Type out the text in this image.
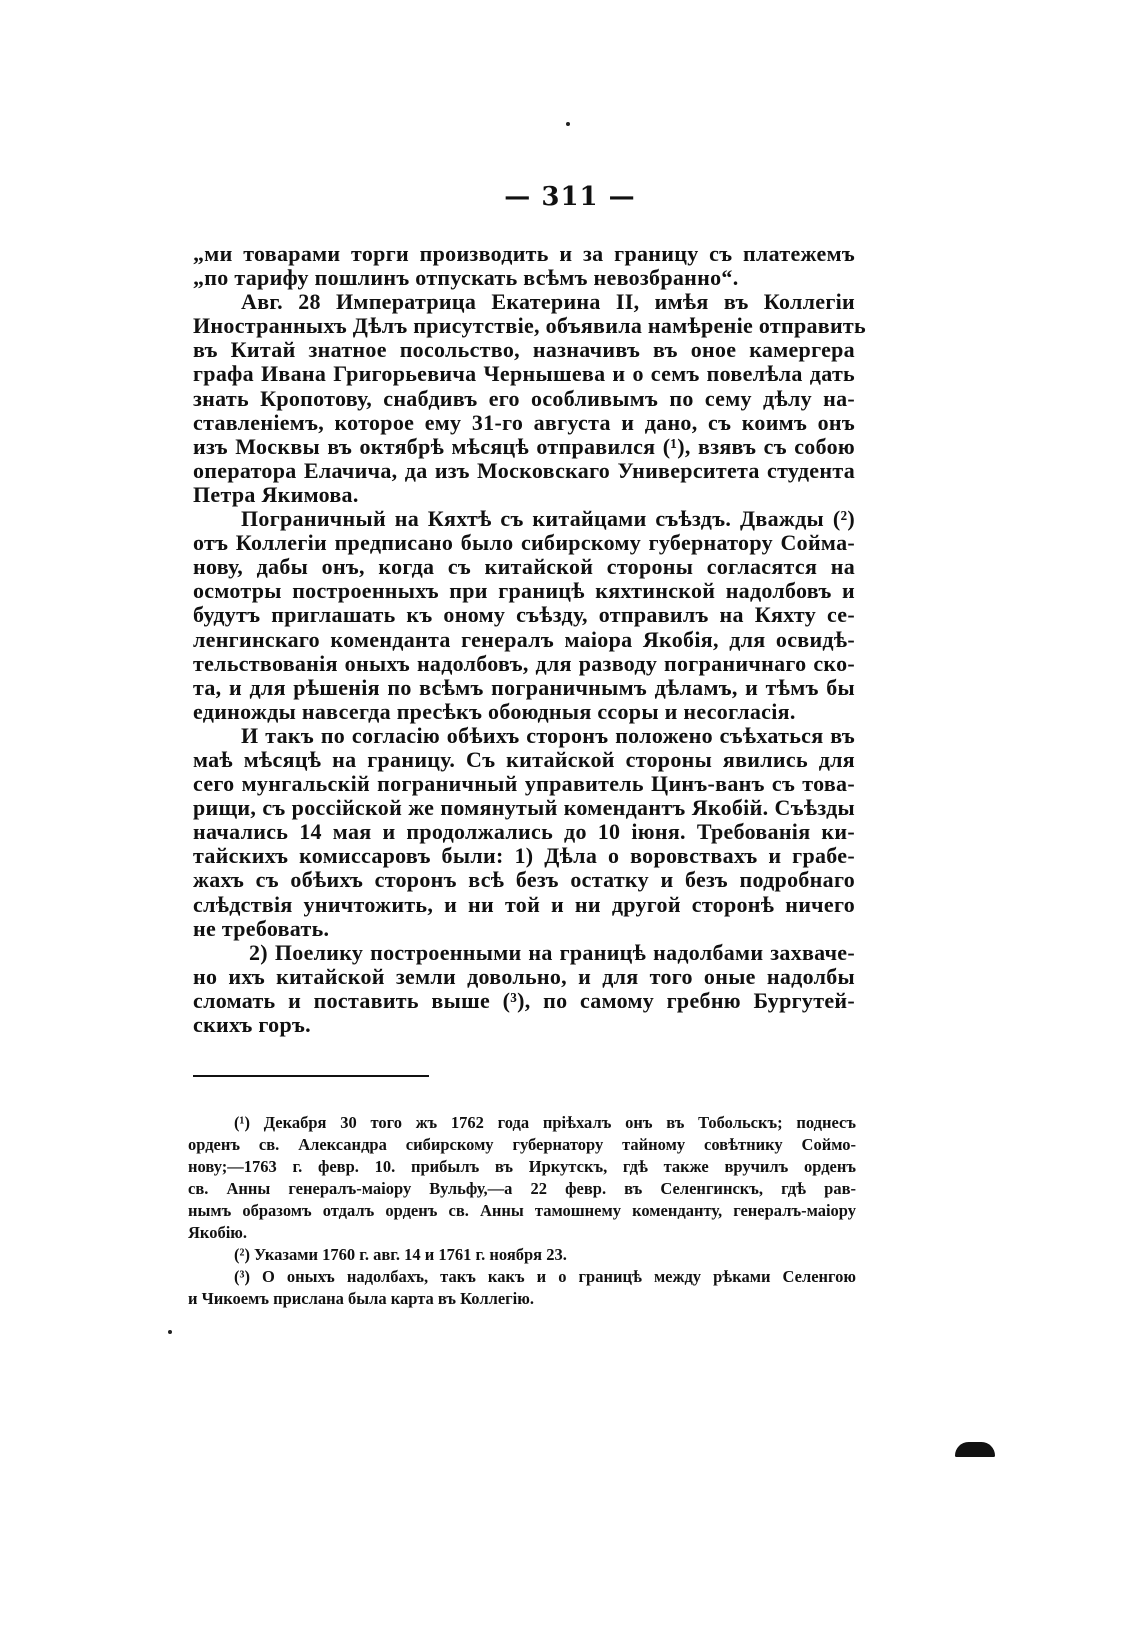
— 311 —
„ми товарами торги производить и за границу съ платежемъ
„по тарифу пошлинъ отпускать всѣмъ невозбранно“.
Авг. 28 Императрица Екатерина II, имѣя въ Коллегіи
Иностранныхъ Дѣлъ присутствіе, объявила намѣреніе отправить
въ Китай знатное посольство, назначивъ въ оное камергера
графа Ивана Григорьевича Чернышева и о семъ повелѣла дать
знать Кропотову, снабдивъ его особливымъ по сему дѣлу на-
ставленіемъ, которое ему 31-го августа и дано, съ коимъ онъ
изъ Москвы въ октябрѣ мѣсяцѣ отправился (¹), взявъ съ собою
оператора Елачича, да изъ Московскаго Университета студента
Петра Якимова.
Пограничный на Кяхтѣ съ китайцами съѣздъ. Дважды (²)
отъ Коллегіи предписано было сибирскому губернатору Сойма-
нову, дабы онъ, когда съ китайской стороны согласятся на
осмотры построенныхъ при границѣ кяхтинской надолбовъ и
будутъ приглашать къ оному съѣзду, отправилъ на Кяхту се-
ленгинскаго коменданта генералъ маіора Якобія, для освидѣ-
тельствованія оныхъ надолбовъ, для разводу пограничнаго ско-
та, и для рѣшенія по всѣмъ пограничнымъ дѣламъ, и тѣмъ бы
единожды навсегда пресѣкъ обоюдныя ссоры и несогласія.
И такъ по согласію обѣихъ сторонъ положено съѣхаться въ
маѣ мѣсяцѣ на границу. Съ китайской стороны явились для
сего мунгальскій пограничный управитель Цинъ-ванъ съ това-
рищи, съ россійской же помянутый комендантъ Якобій. Съѣзды
начались 14 мая и продолжались до 10 іюня. Требованія ки-
тайскихъ комиссаровъ были: 1) Дѣла о воровствахъ и грабе-
жахъ съ обѣихъ сторонъ всѣ безъ остатку и безъ подробнаго
слѣдствія уничтожить, и ни той и ни другой сторонѣ ничего
не требовать.
2) Поелику построенными на границѣ надолбами захваче-
но ихъ китайской земли довольно, и для того оные надолбы
сломать и поставить выше (³), по самому гребню Бургутей-
скихъ горъ.
(¹) Декабря 30 того жъ 1762 года пріѣхалъ онъ въ Тобольскъ; поднесъ
орденъ св. Александра сибирскому губернатору тайному совѣтнику Соймо-
нову;—1763 г. февр. 10. прибылъ въ Иркутскъ, гдѣ также вручилъ орденъ
св. Анны генералъ-маіору Вульфу,—а 22 февр. въ Селенгинскъ, гдѣ рав-
нымъ образомъ отдалъ орденъ св. Анны тамошнему коменданту, генералъ-маіору
Якобію.
(²) Указами 1760 г. авг. 14 и 1761 г. ноября 23.
(³) О оныхъ надолбахъ, такъ какъ и о границѣ между рѣками Селенгою
и Чикоемъ прислана была карта въ Коллегію.
